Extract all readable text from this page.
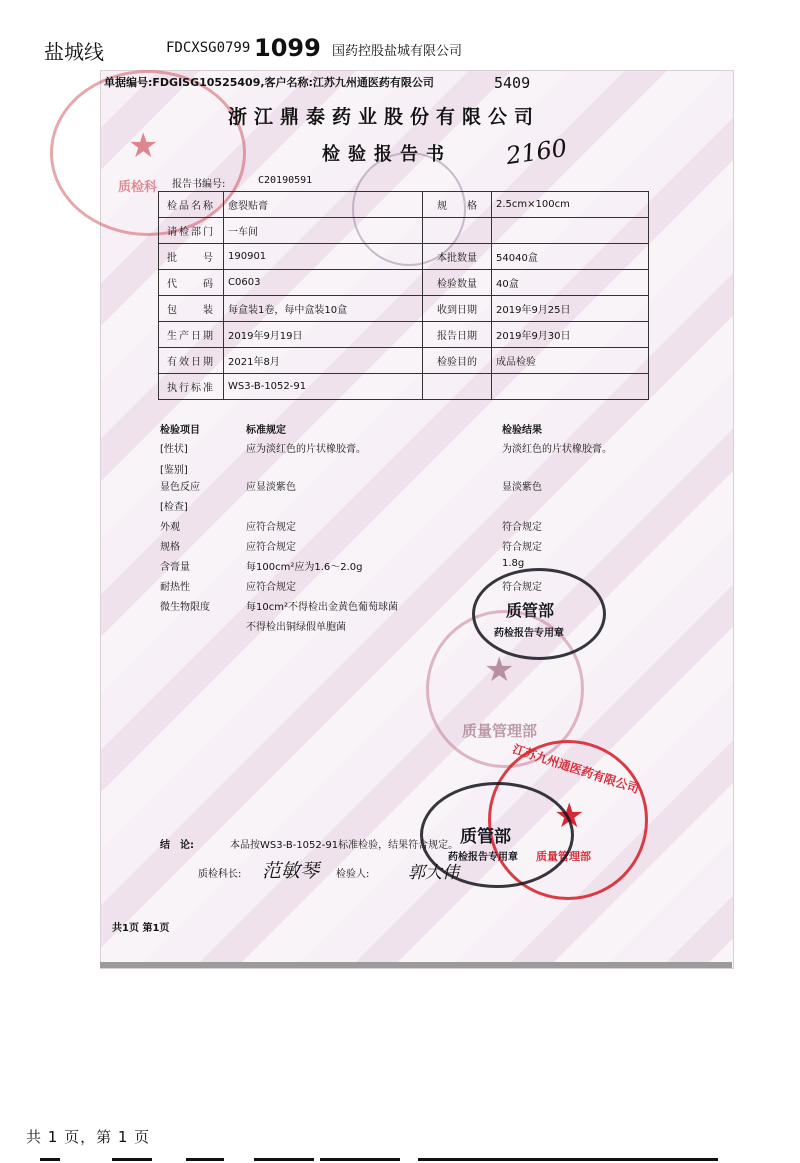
盐城线	FDCXSG0799 1099 国药控股盐城有限公司
★
质检科
单据编号:FDGISG10525409,客户名称:江苏九州通医药有限公司	5409
浙江鼎泰药业股份有限公司
检验报告书 2160
报告书编号:	C20190591
检品名称	愈裂贴膏	规　　格	2.5cm×100cm
请检部门	一车间		
批　　号	190901	本批数量	54040盒
代　　码	C0603	检验数量	40盒
包　　装	每盒装1卷，每中盒装10盒	收到日期	2019年9月25日
生产日期	2019年9月19日	报告日期	2019年9月30日
有效日期	2021年8月	检验目的	成品检验
执行标准	WS3-B-1052-91		
检验项目	标准规定	检验结果
[性状]	应为淡红色的片状橡胶膏。	为淡红色的片状橡胶膏。
[鉴别]
显色反应	应显淡紫色	显淡紫色
[检查]
外观	应符合规定	符合规定
规格	应符合规定	符合规定
含膏量	每100cm²应为1.6～2.0g	1.8g
耐热性	应符合规定	符合规定
微生物限度	每10cm²不得检出金黄色葡萄球菌
不得检出铜绿假单胞菌
★
质量管理部
质管部
药检报告专用章
★
江苏九州通医药有限公司
质量管理部
质管部
药检报告专用章
结　论:	本品按WS3-B-1052-91标准检验，结果符合规定。
质检科长: 范敏琴 检验人: 郭大伟
共1页 第1页
共 1 页，第 1 页
